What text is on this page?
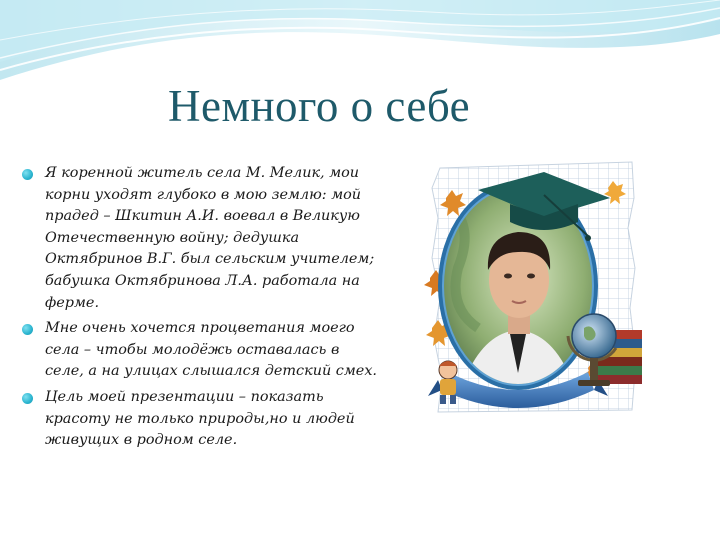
Немного о себе
Я коренной житель села М. Мелик, мои корни уходят глубоко в мою землю: мой прадед – Шкитин А.И. воевал в Великую Отечественную войну; дедушка Октябринов В.Г. был сельским учителем; бабушка Октябринова Л.А. работала на ферме.
Мне очень хочется процветания моего села – чтобы молодёжь оставалась в селе, а на улицах слышался детский смех.
Цель моей презентации – показать красоту не только природы,но и людей живущих в родном селе.
